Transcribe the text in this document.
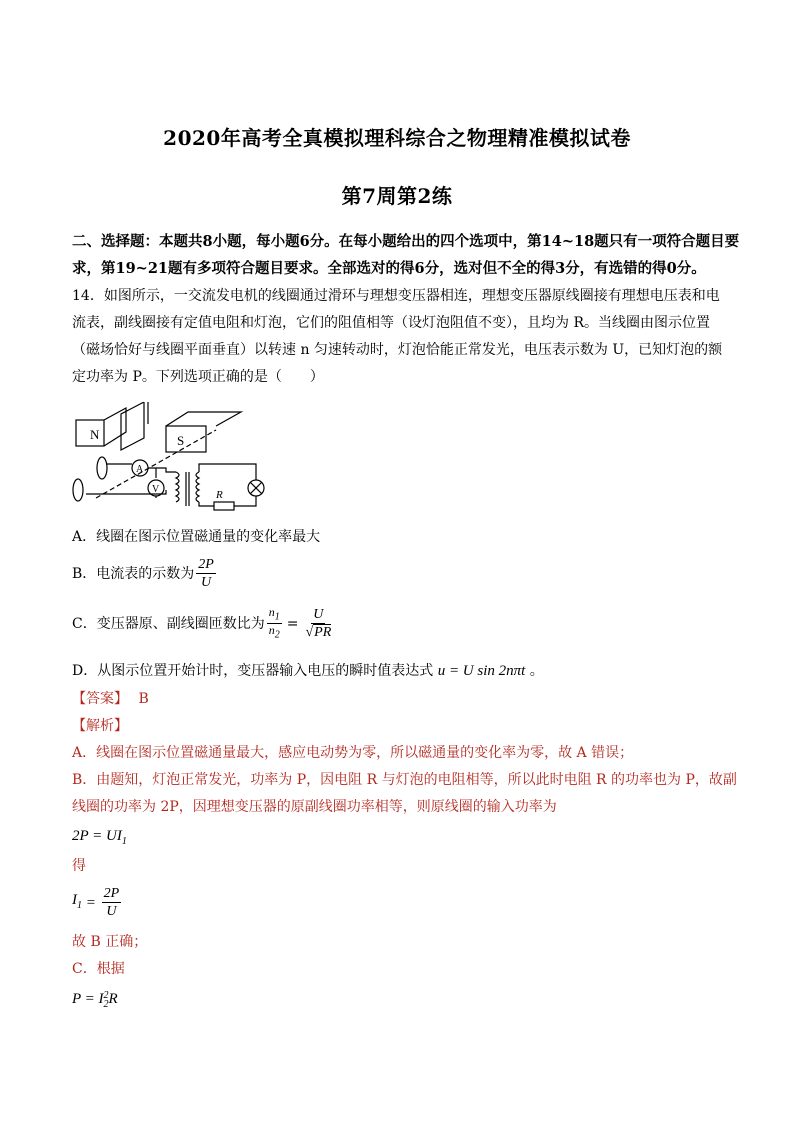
2020年高考全真模拟理科综合之物理精准模拟试卷
第7周第2练
二、选择题：本题共8小题，每小题6分。在每小题给出的四个选项中，第14~18题只有一项符合题目要
求，第19~21题有多项符合题目要求。全部选对的得6分，选对但不全的得3分，有选错的得0分。
14．如图所示，一交流发电机的线圈通过滑环与理想变压器相连，理想变压器原线圈接有理想电压表和电
流表，副线圈接有定值电阻和灯泡，它们的阻值相等（设灯泡阻值不变），且均为 R。当线圈由图示位置
（磁场恰好与线圈平面垂直）以转速 n 匀速转动时，灯泡恰能正常发光，电压表示数为 U，已知灯泡的额
定功率为 P。下列选项正确的是（　　）
N	S
A
V	R
A．线圈在图示位置磁通量的变化率最大
B．电流表的示数为 $\frac{2P}{U}$
C．变压器原、副线圈匝数比为 $\frac{n_1}{n_2} = \frac{U}{√PR}$
D．从图示位置开始计时，变压器输入电压的瞬时值表达式 u = U sin 2nπt 。
【答案】 B
【解析】
A．线圈在图示位置磁通量最大，感应电动势为零，所以磁通量的变化率为零，故 A 错误；
B．由题知，灯泡正常发光，功率为 P，因电阻 R 与灯泡的电阻相等，所以此时电阻 R 的功率也为 P，故副
线圈的功率为 2P，因理想变压器的原副线圈功率相等，则原线圈的输入功率为
$2P = UI_1$
得
$I_1 = \frac{2P}{U}$
故 B 正确；
C．根据
P = I 2
2 R
